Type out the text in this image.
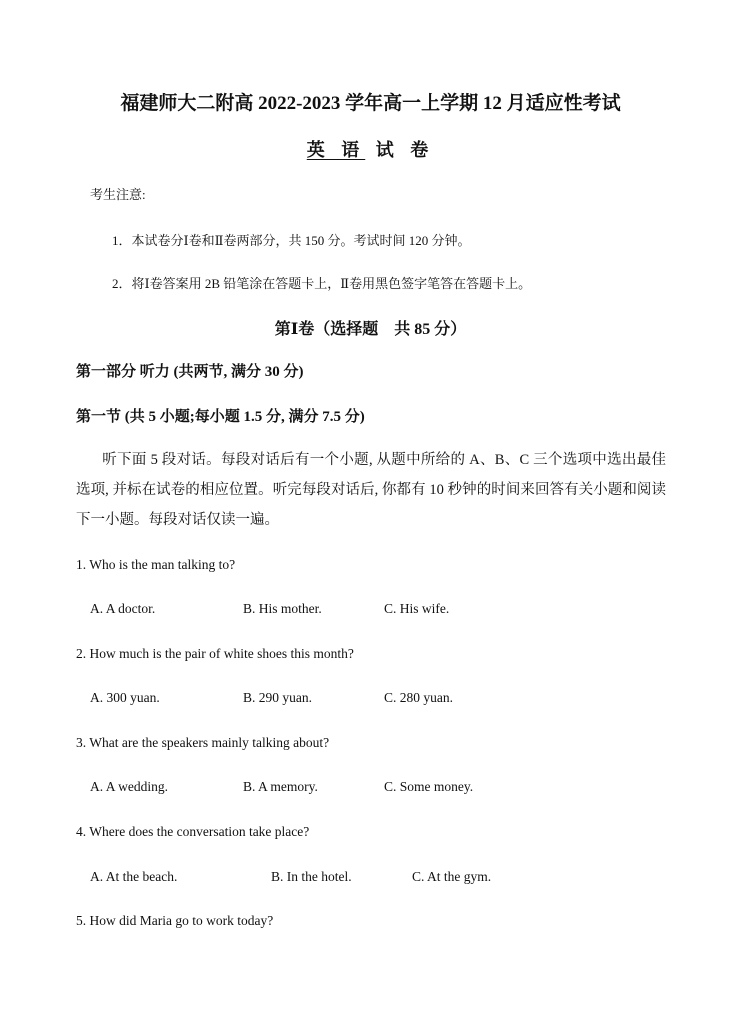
福建师大二附高 2022-2023 学年高一上学期 12 月适应性考试
英 语 试 卷
考生注意:
1．本试卷分Ⅰ卷和Ⅱ卷两部分，共 150 分。考试时间 120 分钟。
2．将Ⅰ卷答案用 2B 铅笔涂在答题卡上，Ⅱ卷用黑色签字笔答在答题卡上。
第Ⅰ卷（选择题　共 85 分）
第一部分 听力 (共两节, 满分 30 分)
第一节 (共 5 小题;每小题 1.5 分, 满分 7.5 分)
听下面 5 段对话。每段对话后有一个小题, 从题中所给的 A、B、C 三个选项中选出最佳选项, 并标在试卷的相应位置。听完每段对话后, 你都有 10 秒钟的时间来回答有关小题和阅读下一小题。每段对话仅读一遍。
1. Who is the man talking to?
A. A doctor.	B. His mother.	C. His wife.
2. How much is the pair of white shoes this month?
A. 300 yuan.	B. 290 yuan.	C. 280 yuan.
3. What are the speakers mainly talking about?
A. A wedding.	B. A memory.	C. Some money.
4. Where does the conversation take place?
A. At the beach.	B. In the hotel.	C. At the gym.
5. How did Maria go to work today?
